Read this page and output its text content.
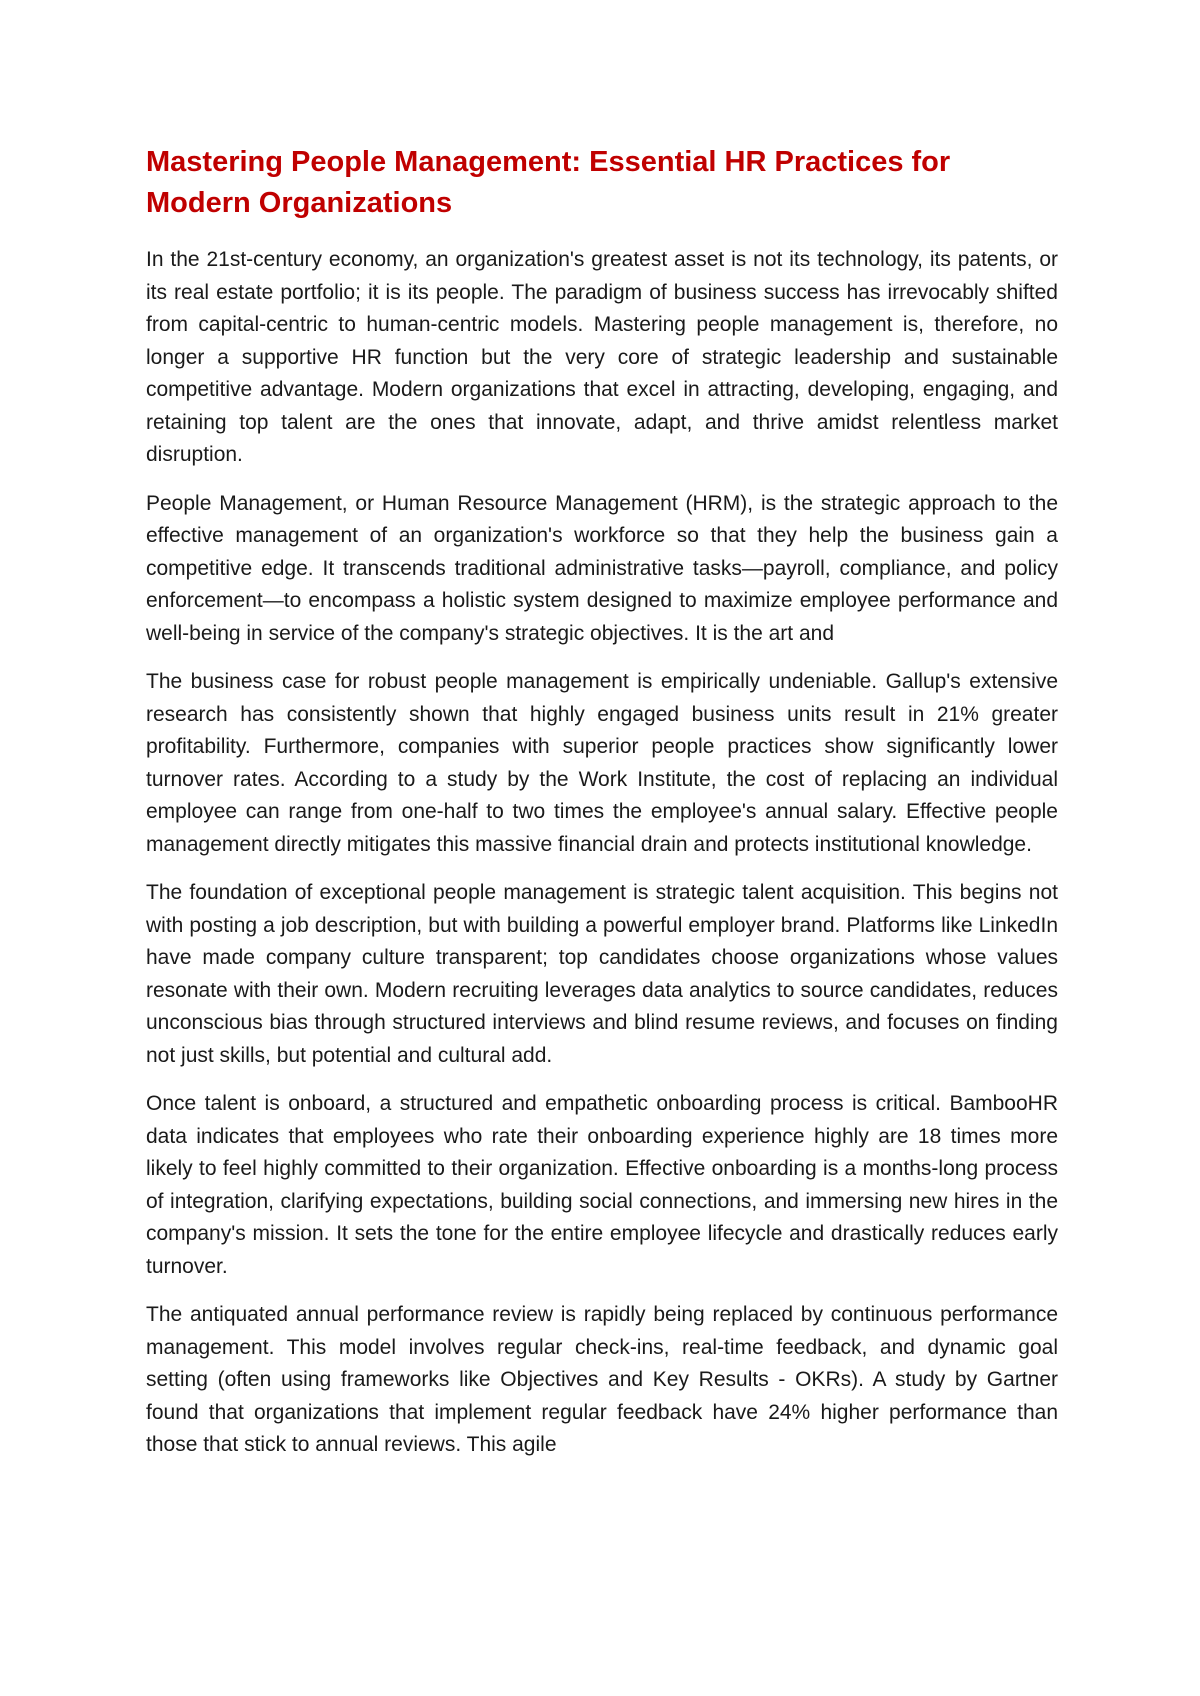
Mastering People Management: Essential HR Practices for Modern Organizations

In the 21st-century economy, an organization's greatest asset is not its technology, its patents, or its real estate portfolio; it is its people. The paradigm of business success has irrevocably shifted from capital-centric to human-centric models. Mastering people management is, therefore, no longer a supportive HR function but the very core of strategic leadership and sustainable competitive advantage. Modern organizations that excel in attracting, developing, engaging, and retaining top talent are the ones that innovate, adapt, and thrive amidst relentless market disruption.

People Management, or Human Resource Management (HRM), is the strategic approach to the effective management of an organization's workforce so that they help the business gain a competitive edge. It transcends traditional administrative tasks—payroll, compliance, and policy enforcement—to encompass a holistic system designed to maximize employee performance and well-being in service of the company's strategic objectives. It is the art and

The business case for robust people management is empirically undeniable. Gallup's extensive research has consistently shown that highly engaged business units result in 21% greater profitability. Furthermore, companies with superior people practices show significantly lower turnover rates. According to a study by the Work Institute, the cost of replacing an individual employee can range from one-half to two times the employee's annual salary. Effective people management directly mitigates this massive financial drain and protects institutional knowledge.

The foundation of exceptional people management is strategic talent acquisition. This begins not with posting a job description, but with building a powerful employer brand. Platforms like LinkedIn have made company culture transparent; top candidates choose organizations whose values resonate with their own. Modern recruiting leverages data analytics to source candidates, reduces unconscious bias through structured interviews and blind resume reviews, and focuses on finding not just skills, but potential and cultural add.

Once talent is onboard, a structured and empathetic onboarding process is critical. BambooHR data indicates that employees who rate their onboarding experience highly are 18 times more likely to feel highly committed to their organization. Effective onboarding is a months-long process of integration, clarifying expectations, building social connections, and immersing new hires in the company's mission. It sets the tone for the entire employee lifecycle and drastically reduces early turnover.

The antiquated annual performance review is rapidly being replaced by continuous performance management. This model involves regular check-ins, real-time feedback, and dynamic goal setting (often using frameworks like Objectives and Key Results - OKRs). A study by Gartner found that organizations that implement regular feedback have 24% higher performance than those that stick to annual reviews. This agile
